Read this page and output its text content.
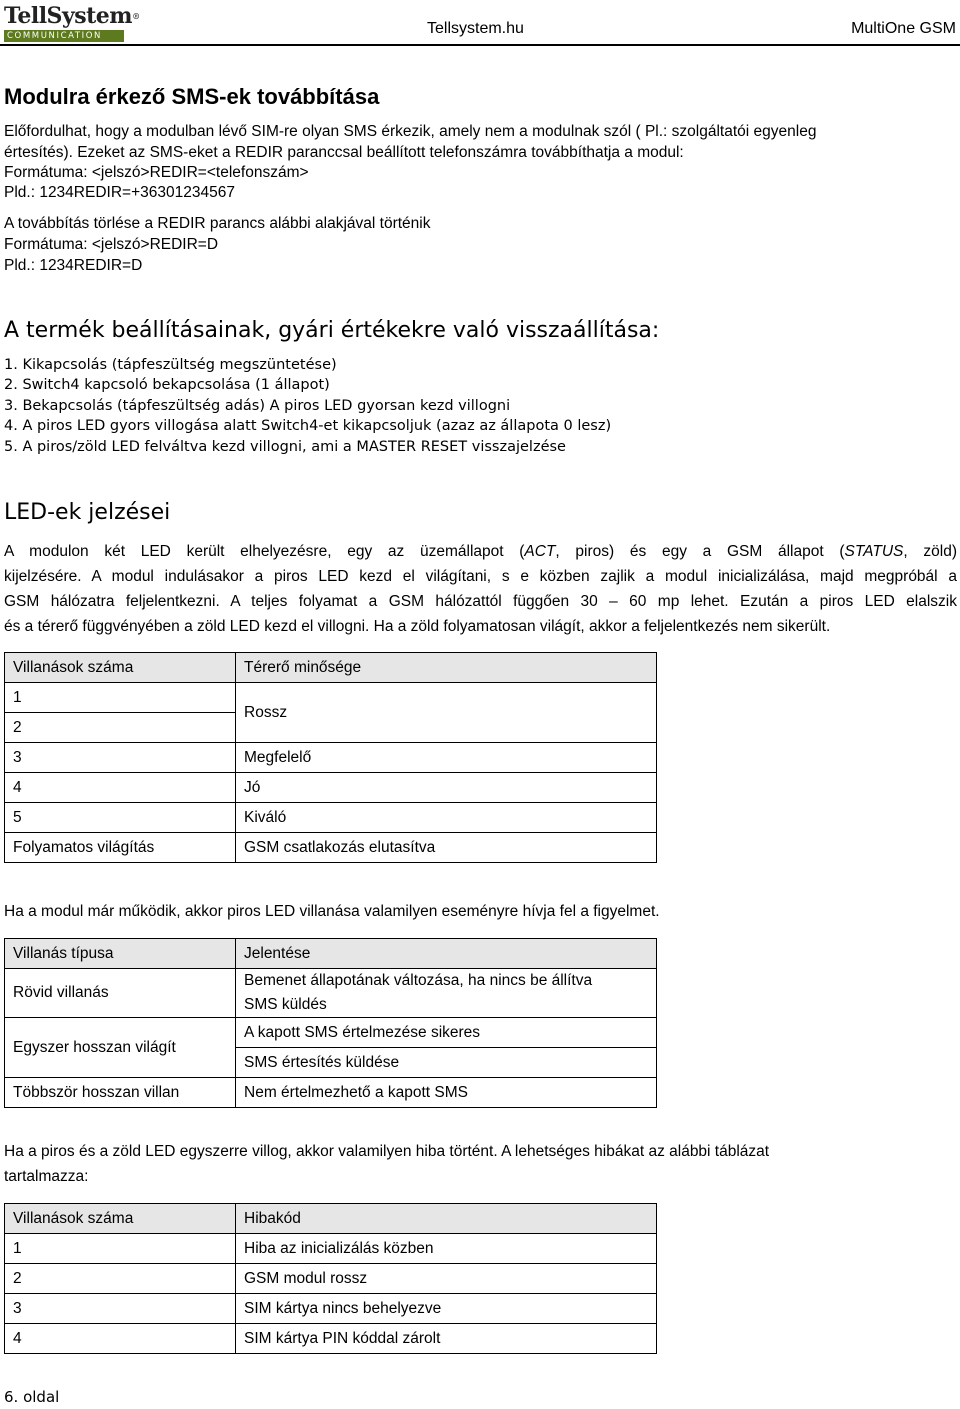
TellSystem®
COMMUNICATION	Tellsystem.hu	MultiOne GSM
Modulra érkező SMS-ek továbbítása
Előfordulhat, hogy a modulban lévő SIM-re olyan SMS érkezik, amely nem a modulnak szól ( Pl.: szolgáltatói egyenleg
értesítés). Ezeket az SMS-eket a REDIR paranccsal beállított telefonszámra továbbíthatja a modul:
Formátuma: <jelszó>REDIR=<telefonszám>
Pld.: 1234REDIR=+36301234567
A továbbítás törlése a REDIR parancs alábbi alakjával történik
Formátuma: <jelszó>REDIR=D
Pld.: 1234REDIR=D
A termék beállításainak, gyári értékekre való visszaállítása:
1. Kikapcsolás (tápfeszültség megszüntetése)
2. Switch4 kapcsoló bekapcsolása (1 állapot)
3. Bekapcsolás (tápfeszültség adás) A piros LED gyorsan kezd villogni
4. A piros LED gyors villogása alatt Switch4-et kikapcsoljuk (azaz az állapota 0 lesz)
5. A piros/zöld LED felváltva kezd villogni, ami a MASTER RESET visszajelzése
LED-ek jelzései
A modulon két LED került elhelyezésre, egy az üzemállapot (ACT, piros) és egy a GSM állapot (STATUS, zöld)
kijelzésére. A modul indulásakor a piros LED kezd el világítani, s e közben zajlik a modul inicializálása, majd megpróbál a
GSM hálózatra feljelentkezni. A teljes folyamat a GSM hálózattól függően 30 – 60 mp lehet. Ezután a piros LED elalszik
és a térerő függvényében a zöld LED kezd el villogni. Ha a zöld folyamatosan világít, akkor a feljelentkezés nem sikerült.
Villanások száma	Térerő minősége
1	Rossz
2	
3	Megfelelő
4	Jó
5	Kiváló
Folyamatos világítás	GSM csatlakozás elutasítva
Ha a modul már működik, akkor piros LED villanása valamilyen eseményre hívja fel a figyelmet.
Villanás típusa	Jelentése
Rövid villanás	Bemenet állapotának változása, ha nincs be állítva
SMS küldés

Egyszer hosszan világít	A kapott SMS értelmezése sikeres
	SMS értesítés küldése
Többször hosszan villan	Nem értelmezhető a kapott SMS
Ha a piros és a zöld LED egyszerre villog, akkor valamilyen hiba történt. A lehetséges hibákat az alábbi táblázat
tartalmazza:
Villanások száma	Hibakód
1	Hiba az inicializálás közben
2	GSM modul rossz
3	SIM kártya nincs behelyezve
4	SIM kártya PIN kóddal zárolt
6. oldal
